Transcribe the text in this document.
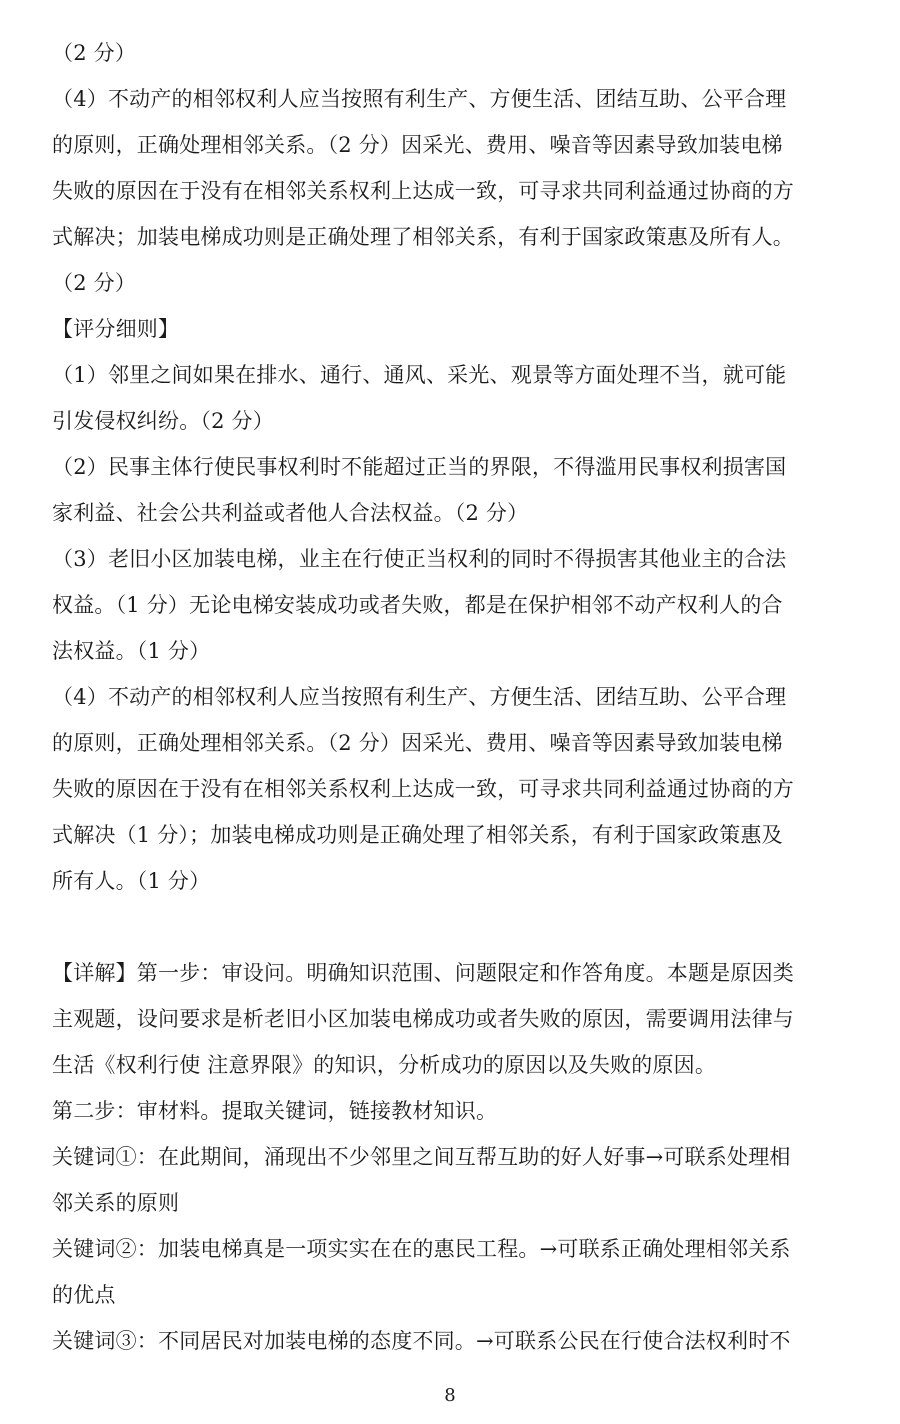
（2 分）
（4）不动产的相邻权利人应当按照有利生产、方便生活、团结互助、公平合理
的原则，正确处理相邻关系。（2 分）因采光、费用、噪音等因素导致加装电梯
失败的原因在于没有在相邻关系权利上达成一致，可寻求共同利益通过协商的方
式解决；加装电梯成功则是正确处理了相邻关系，有利于国家政策惠及所有人。
（2 分）
【评分细则】
（1）邻里之间如果在排水、通行、通风、采光、观景等方面处理不当，就可能
引发侵权纠纷。（2 分）
（2）民事主体行使民事权利时不能超过正当的界限，不得滥用民事权利损害国
家利益、社会公共利益或者他人合法权益。（2 分）
（3）老旧小区加装电梯，业主在行使正当权利的同时不得损害其他业主的合法
权益。（1 分）无论电梯安装成功或者失败，都是在保护相邻不动产权利人的合
法权益。（1 分）
（4）不动产的相邻权利人应当按照有利生产、方便生活、团结互助、公平合理
的原则，正确处理相邻关系。（2 分）因采光、费用、噪音等因素导致加装电梯
失败的原因在于没有在相邻关系权利上达成一致，可寻求共同利益通过协商的方
式解决（1 分）；加装电梯成功则是正确处理了相邻关系，有利于国家政策惠及
所有人。（1 分）
【详解】第一步：审设问。明确知识范围、问题限定和作答角度。本题是原因类
主观题，设问要求是析老旧小区加装电梯成功或者失败的原因，需要调用法律与
生活《权利行使 注意界限》的知识，分析成功的原因以及失败的原因。
第二步：审材料。提取关键词，链接教材知识。
关键词①：在此期间，涌现出不少邻里之间互帮互助的好人好事→可联系处理相
邻关系的原则
关键词②：加装电梯真是一项实实在在的惠民工程。→可联系正确处理相邻关系
的优点
关键词③：不同居民对加装电梯的态度不同。→可联系公民在行使合法权利时不
8
